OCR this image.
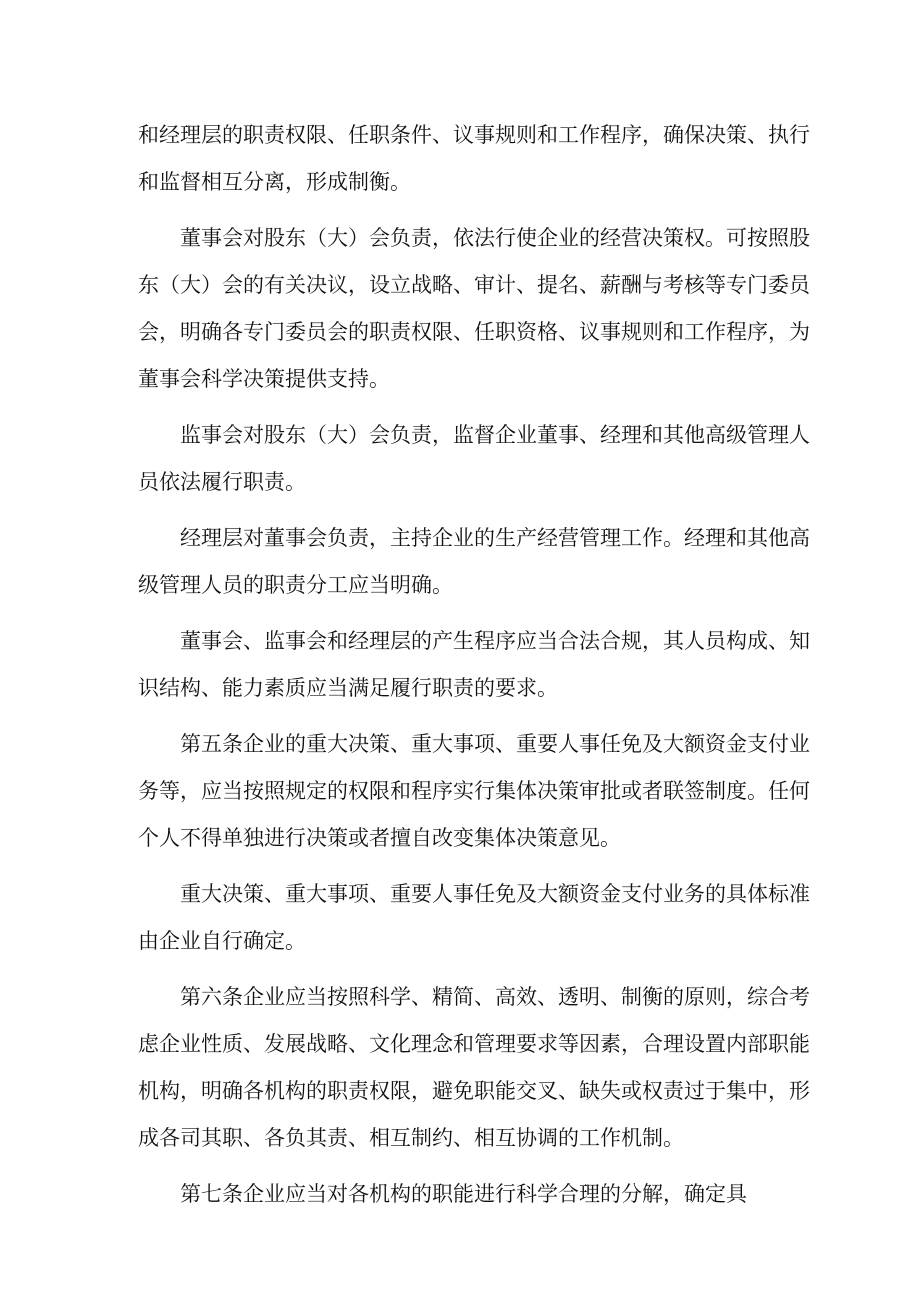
和经理层的职责权限、任职条件、议事规则和工作程序，确保决策、执行
和监督相互分离，形成制衡。
董事会对股东（大）会负责，依法行使企业的经营决策权。可按照股
东（大）会的有关决议，设立战略、审计、提名、薪酬与考核等专门委员
会，明确各专门委员会的职责权限、任职资格、议事规则和工作程序，为
董事会科学决策提供支持。
监事会对股东（大）会负责，监督企业董事、经理和其他高级管理人
员依法履行职责。
经理层对董事会负责，主持企业的生产经营管理工作。经理和其他高
级管理人员的职责分工应当明确。
董事会、监事会和经理层的产生程序应当合法合规，其人员构成、知
识结构、能力素质应当满足履行职责的要求。
第五条企业的重大决策、重大事项、重要人事任免及大额资金支付业
务等，应当按照规定的权限和程序实行集体决策审批或者联签制度。任何
个人不得单独进行决策或者擅自改变集体决策意见。
重大决策、重大事项、重要人事任免及大额资金支付业务的具体标准
由企业自行确定。
第六条企业应当按照科学、精简、高效、透明、制衡的原则，综合考
虑企业性质、发展战略、文化理念和管理要求等因素，合理设置内部职能
机构，明确各机构的职责权限，避免职能交叉、缺失或权责过于集中，形
成各司其职、各负其责、相互制约、相互协调的工作机制。
第七条企业应当对各机构的职能进行科学合理的分解，确定具
